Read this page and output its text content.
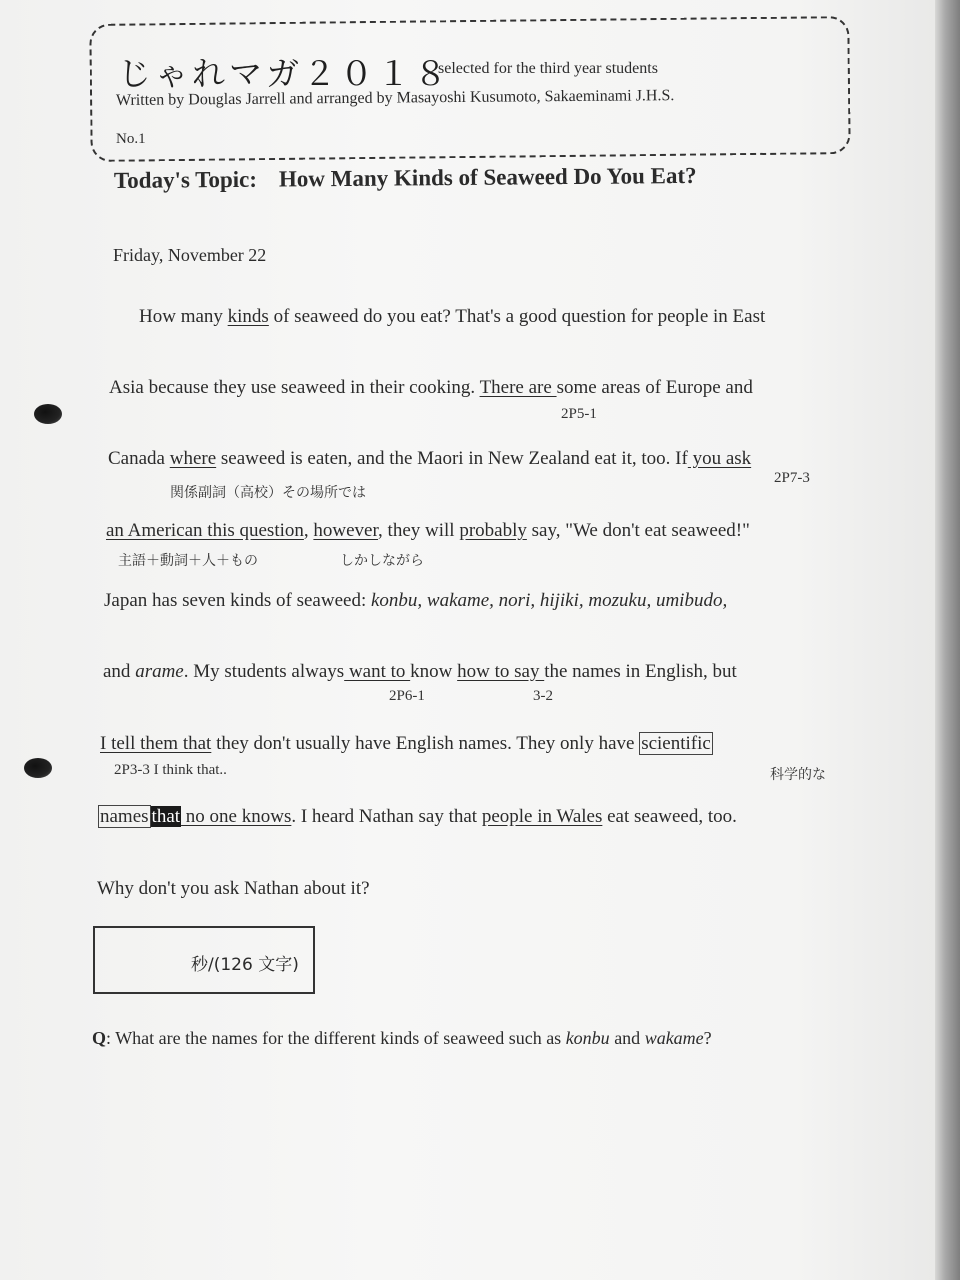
じゃれマガ２０１８
selected for the third year students
Written by Douglas Jarrell and arranged by Masayoshi Kusumoto, Sakaeminami J.H.S.
No.1
Today's Topic: How Many Kinds of Seaweed Do You Eat?
Friday, November 22
How many kinds of seaweed do you eat? That's a good question for people in East
Asia because they use seaweed in their cooking. There are some areas of Europe and
2P5-1
Canada where seaweed is eaten, and the Maori in New Zealand eat it, too. If you ask
関係副詞（高校）その場所では
2P7-3
an American this question, however, they will probably say, "We don't eat seaweed!"
主語＋動詞＋人＋もの	しかしながら
Japan has seven kinds of seaweed: konbu, wakame, nori, hijiki, mozuku, umibudo,
and arame. My students always want to know how to say the names in English, but
2P6-1	3-2
I tell them that they don't usually have English names. They only have scientific
2P3-3 I think that..	科学的な
names that no one knows. I heard Nathan say that people in Wales eat seaweed, too.
Why don't you ask Nathan about it?
秒/(126 文字)
Q: What are the names for the different kinds of seaweed such as konbu and wakame?
